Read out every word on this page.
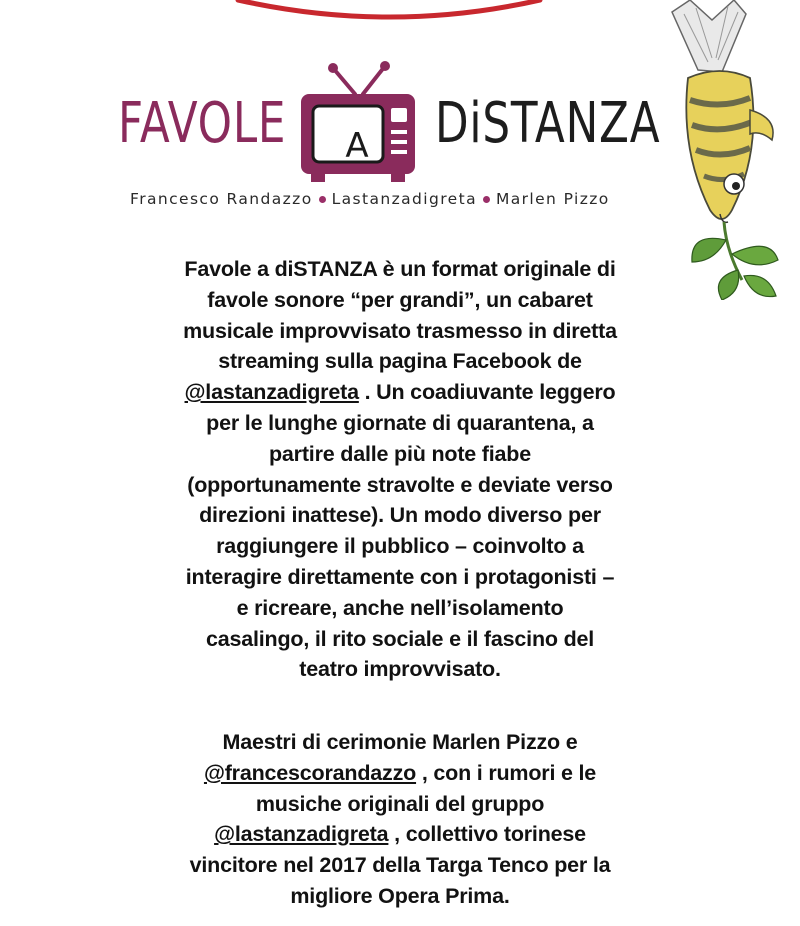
FAVOLE	A	DiSTANZA
Francesco Randazzo Lastanzadigreta Marlen Pizzo
Favole a diSTANZA è un format originale di
favole sonore “per grandi”, un cabaret
musicale improvvisato trasmesso in diretta
streaming sulla pagina Facebook de
@lastanzadigreta . Un coadiuvante leggero
per le lunghe giornate di quarantena, a
partire dalle più note fiabe
(opportunamente stravolte e deviate verso
direzioni inattese). Un modo diverso per
raggiungere il pubblico – coinvolto a
interagire direttamente con i protagonisti –
e ricreare, anche nell’isolamento
casalingo, il rito sociale e il fascino del
teatro improvvisato.
Maestri di cerimonie Marlen Pizzo e
@francescorandazzo , con i rumori e le
musiche originali del gruppo
@lastanzadigreta , collettivo torinese
vincitore nel 2017 della Targa Tenco per la
migliore Opera Prima.
